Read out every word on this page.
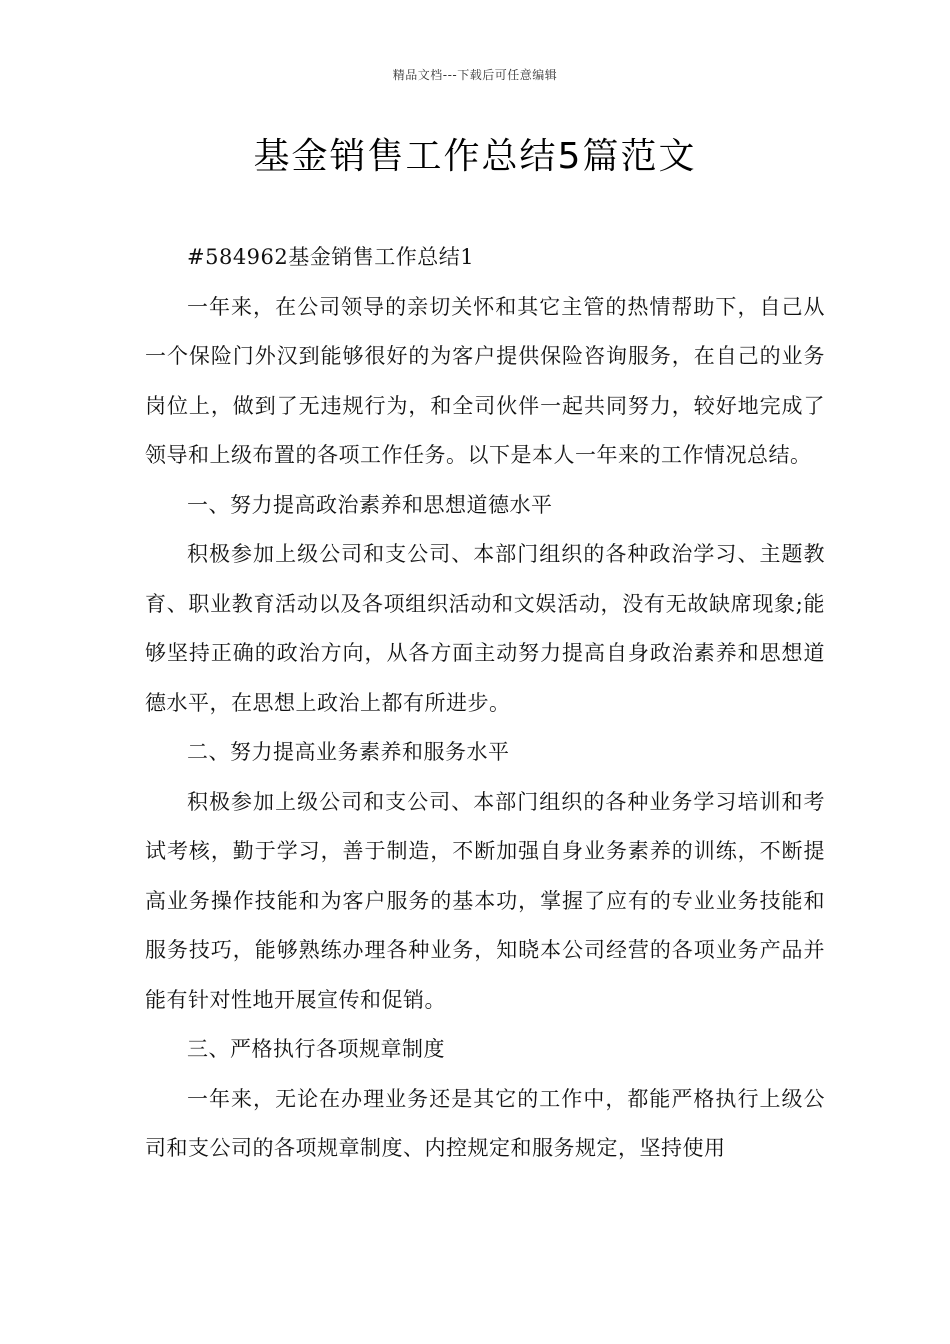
精品文档---下载后可任意编辑
基金销售工作总结5篇范文

#584962基金销售工作总结1

一年来，在公司领导的亲切关怀和其它主管的热情帮助下，自己从一个保险门外汉到能够很好的为客户提供保险咨询服务，在自己的业务岗位上，做到了无违规行为，和全司伙伴一起共同努力，较好地完成了领导和上级布置的各项工作任务。以下是本人一年来的工作情况总结。

一、努力提高政治素养和思想道德水平

积极参加上级公司和支公司、本部门组织的各种政治学习、主题教育、职业教育活动以及各项组织活动和文娱活动，没有无故缺席现象;能够坚持正确的政治方向，从各方面主动努力提高自身政治素养和思想道德水平，在思想上政治上都有所进步。

二、努力提高业务素养和服务水平

积极参加上级公司和支公司、本部门组织的各种业务学习培训和考试考核，勤于学习，善于制造，不断加强自身业务素养的训练，不断提高业务操作技能和为客户服务的基本功，掌握了应有的专业业务技能和服务技巧，能够熟练办理各种业务，知晓本公司经营的各项业务产品并能有针对性地开展宣传和促销。

三、严格执行各项规章制度

一年来，无论在办理业务还是其它的工作中，都能严格执行上级公司和支公司的各项规章制度、内控规定和服务规定，坚持使用
